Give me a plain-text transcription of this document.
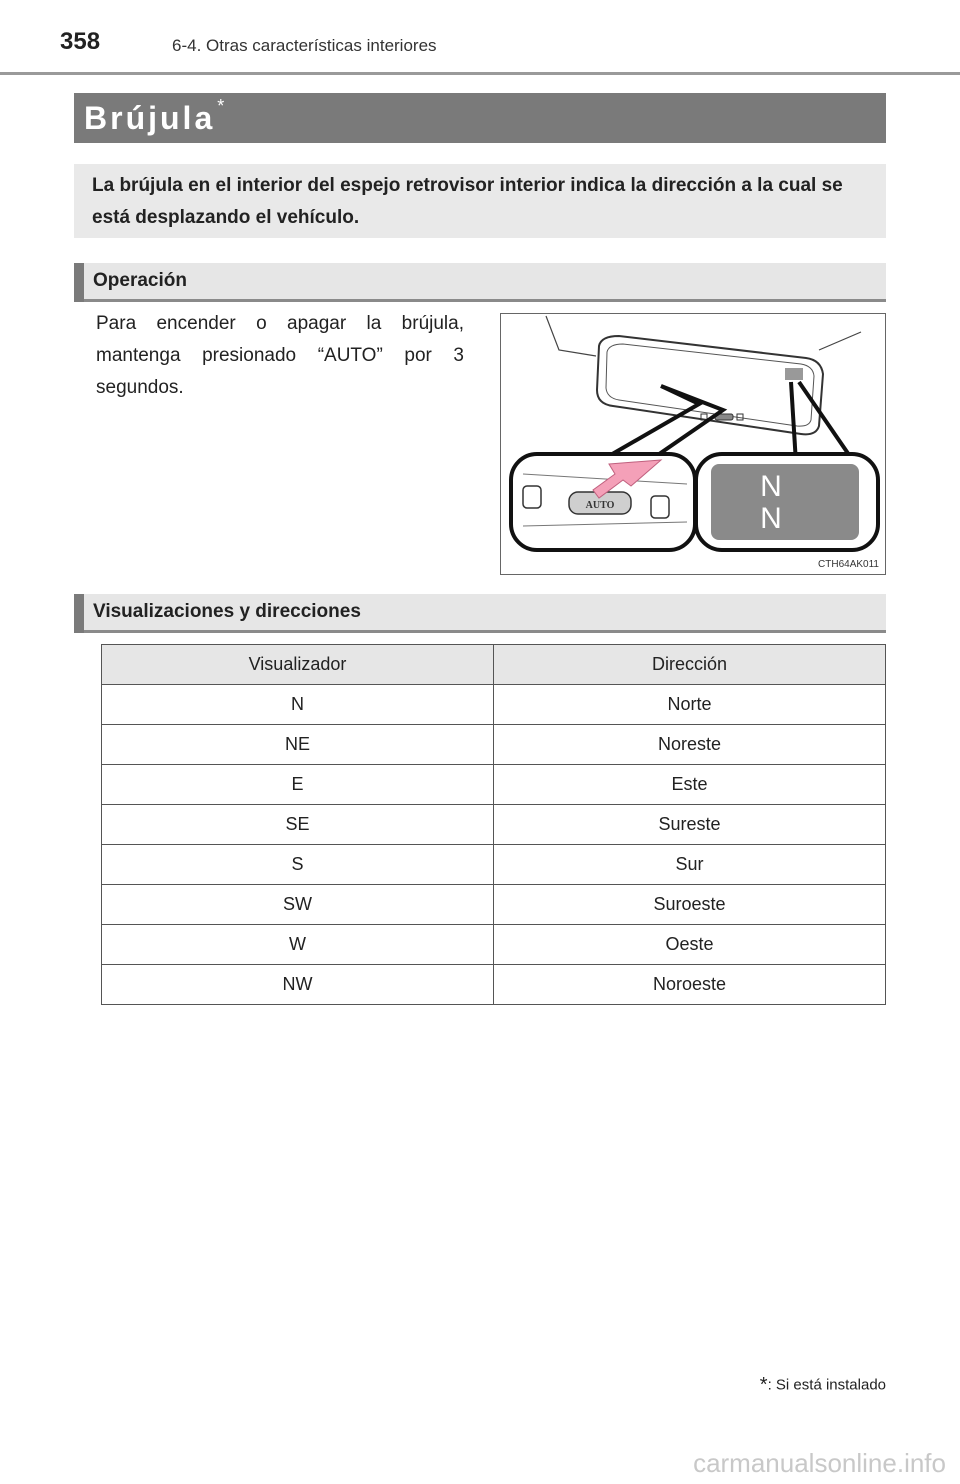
358	6-4. Otras características interiores
Brújula *
La brújula en el interior del espejo retrovisor interior indica la dirección a la cual se está desplazando el vehículo.
Operación
Para encender o apagar la brújula, mantenga presionado “AUTO” por 3 segundos.
AUTO
N
N
CTH64AK011
Visualizaciones y direcciones
Visualizador	Dirección
N	Norte
NE	Noreste
E	Este
SE	Sureste
S	Sur
SW	Suroeste
W	Oeste
NW	Noroeste
*: Si está instalado
carmanualsonline.info
